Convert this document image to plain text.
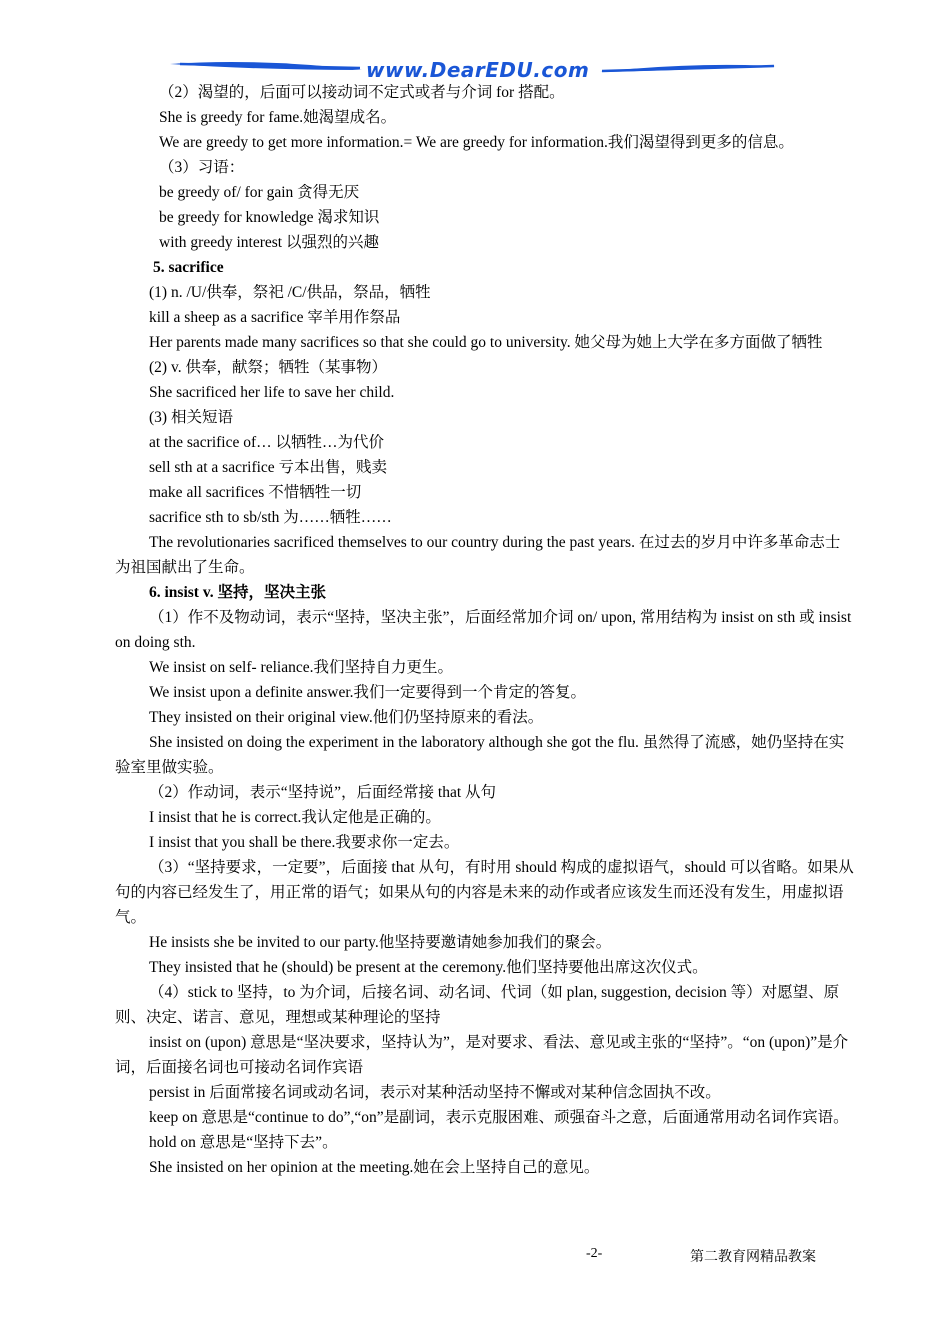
www.DearEDU.com
（2）渴望的，后面可以接动词不定式或者与介词 for 搭配。
She is greedy for fame.她渴望成名。
We are greedy to get more information.= We are greedy for information.我们渴望得到更多的信息。
（3）习语：
be greedy of/ for gain 贪得无厌
be greedy for knowledge 渴求知识
with greedy interest 以强烈的兴趣
5. sacrifice
(1) n. /U/供奉，祭祀 /C/供品，祭品，牺牲
kill a sheep as a sacrifice 宰羊用作祭品
Her parents made many sacrifices so that she could go to university. 她父母为她上大学在多方面做了牺牲
(2) v. 供奉，献祭；牺牲（某事物）
She sacrificed her life to save her child.
(3) 相关短语
at the sacrifice of… 以牺牲…为代价
sell sth at a sacrifice 亏本出售，贱卖
make all sacrifices 不惜牺牲一切
sacrifice sth to sb/sth 为……牺牲……
The revolutionaries sacrificed themselves to our country during the past years. 在过去的岁月中许多革命志士为祖国献出了生命。
6. insist v. 坚持，坚决主张
（1）作不及物动词，表示“坚持，坚决主张”，后面经常加介词 on/ upon, 常用结构为 insist on sth 或 insist on doing sth.
We insist on self- reliance.我们坚持自力更生。
We insist upon a definite answer.我们一定要得到一个肯定的答复。
They insisted on their original view.他们仍坚持原来的看法。
She insisted on doing the experiment in the laboratory although she got the flu. 虽然得了流感，她仍坚持在实验室里做实验。
（2）作动词，表示“坚持说”，后面经常接 that 从句
I insist that he is correct.我认定他是正确的。
I insist that you shall be there.我要求你一定去。
（3）“坚持要求，一定要”，后面接 that 从句，有时用 should 构成的虚拟语气，should 可以省略。如果从句的内容已经发生了，用正常的语气；如果从句的内容是未来的动作或者应该发生而还没有发生，用虚拟语气。
He insists she be invited to our party.他坚持要邀请她参加我们的聚会。
They insisted that he (should) be present at the ceremony.他们坚持要他出席这次仪式。
（4）stick to 坚持，to 为介词，后接名词、动名词、代词（如 plan, suggestion, decision 等）对愿望、原则、决定、诺言、意见，理想或某种理论的坚持
insist on (upon) 意思是“坚决要求，坚持认为”，是对要求、看法、意见或主张的“坚持”。“on (upon)”是介词，后面接名词也可接动名词作宾语
persist in 后面常接名词或动名词，表示对某种活动坚持不懈或对某种信念固执不改。
keep on 意思是“continue to do”,“on”是副词，表示克服困难、顽强奋斗之意，后面通常用动名词作宾语。
hold on 意思是“坚持下去”。
She insisted on her opinion at the meeting.她在会上坚持自己的意见。
-2-	第二教育网精品教案
